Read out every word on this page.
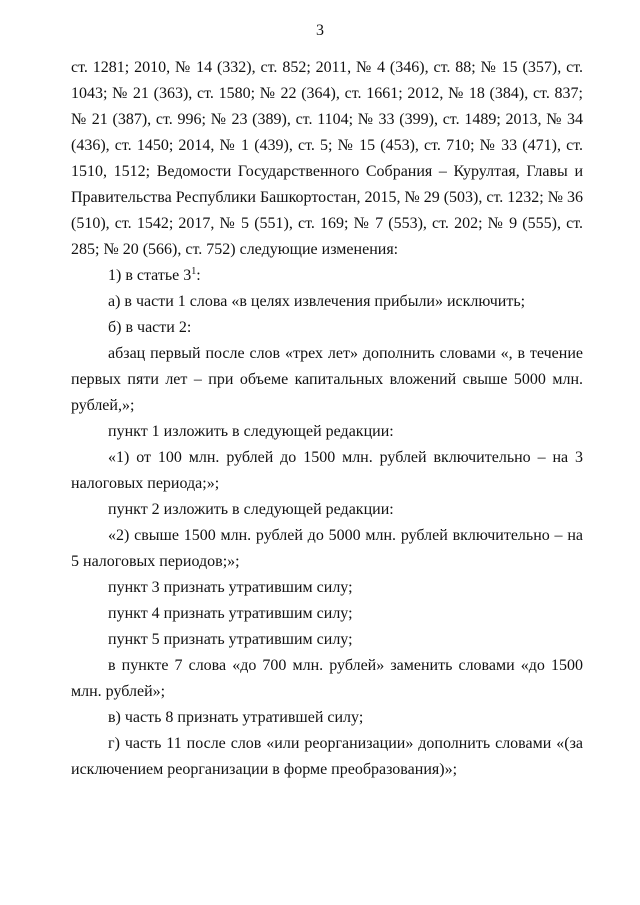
3

ст. 1281; 2010, № 14 (332), ст. 852; 2011, № 4 (346), ст. 88; № 15 (357), ст. 1043; № 21 (363), ст. 1580; № 22 (364), ст. 1661; 2012, № 18 (384), ст. 837; № 21 (387), ст. 996; № 23 (389), ст. 1104; № 33 (399), ст. 1489; 2013, № 34 (436), ст. 1450; 2014, № 1 (439), ст. 5; № 15 (453), ст. 710; № 33 (471), ст. 1510, 1512; Ведомости Государственного Собрания – Курултая, Главы и Правительства Республики Башкортостан, 2015, № 29 (503), ст. 1232; № 36 (510), ст. 1542; 2017, № 5 (551), ст. 169; № 7 (553), ст. 202; № 9 (555), ст. 285; № 20 (566), ст. 752) следующие изменения:

1) в статье $3^1$:

а) в части 1 слова «в целях извлечения прибыли» исключить;

б) в части 2:

абзац первый после слов «трех лет» дополнить словами «, в течение первых пяти лет – при объеме капитальных вложений свыше 5000 млн. рублей,»;

пункт 1 изложить в следующей редакции:

«1) от 100 млн. рублей до 1500 млн. рублей включительно – на 3 налоговых периода;»;

пункт 2 изложить в следующей редакции:

«2) свыше 1500 млн. рублей до 5000 млн. рублей включительно – на 5 налоговых периодов;»;

пункт 3 признать утратившим силу;

пункт 4 признать утратившим силу;

пункт 5 признать утратившим силу;

в пункте 7 слова «до 700 млн. рублей» заменить словами «до 1500 млн. рублей»;

в) часть 8 признать утратившей силу;

г) часть 11 после слов «или реорганизации» дополнить словами «(за исключением реорганизации в форме преобразования)»;
